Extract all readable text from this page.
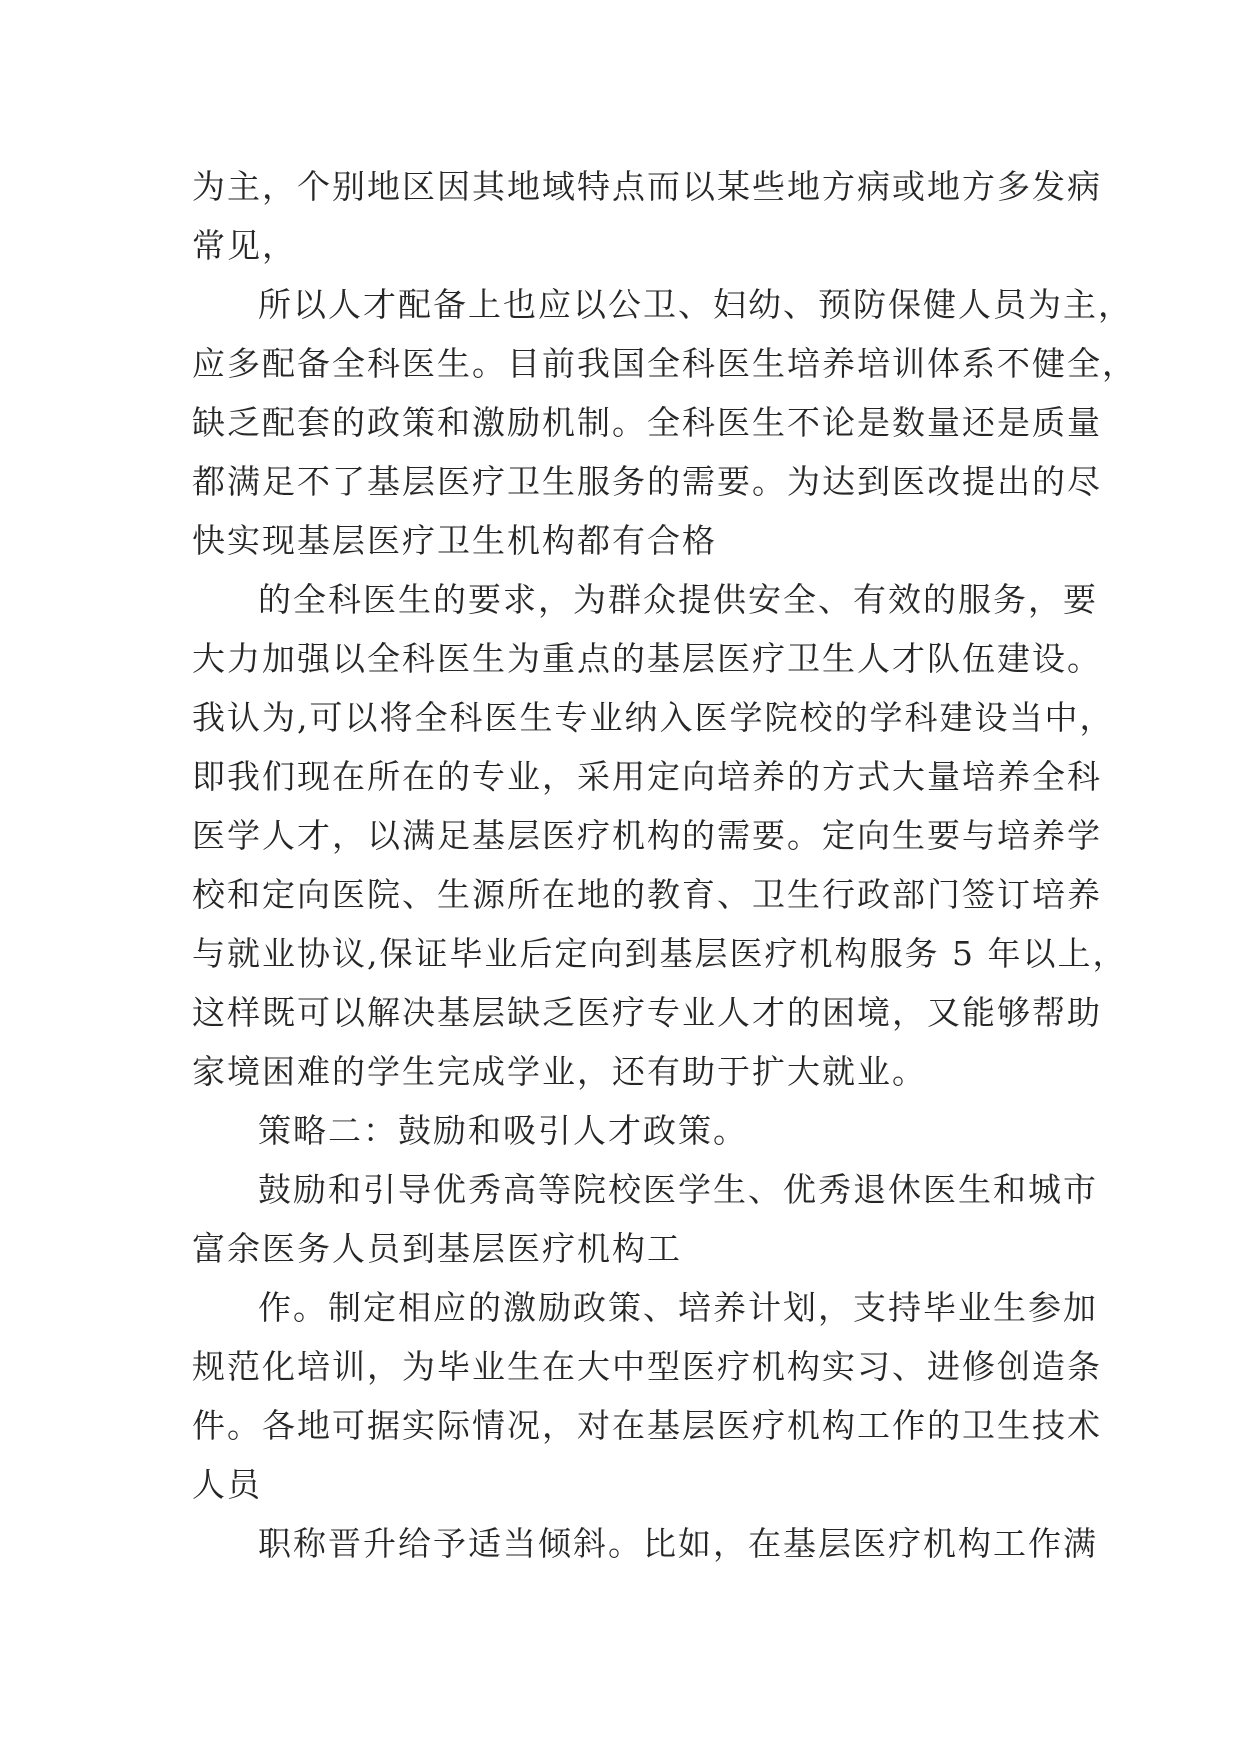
为主，个别地区因其地域特点而以某些地方病或地方多发病
常见，
所以人才配备上也应以公卫、妇幼、预防保健人员为主，
应多配备全科医生。目前我国全科医生培养培训体系不健全，
缺乏配套的政策和激励机制。全科医生不论是数量还是质量
都满足不了基层医疗卫生服务的需要。为达到医改提出的尽
快实现基层医疗卫生机构都有合格
的全科医生的要求，为群众提供安全、有效的服务，要
大力加强以全科医生为重点的基层医疗卫生人才队伍建设。
我认为,可以将全科医生专业纳入医学院校的学科建设当中，
即我们现在所在的专业，采用定向培养的方式大量培养全科
医学人才，以满足基层医疗机构的需要。定向生要与培养学
校和定向医院、生源所在地的教育、卫生行政部门签订培养
与就业协议,保证毕业后定向到基层医疗机构服务 5 年以上，
这样既可以解决基层缺乏医疗专业人才的困境，又能够帮助
家境困难的学生完成学业，还有助于扩大就业。
策略二：鼓励和吸引人才政策。
鼓励和引导优秀高等院校医学生、优秀退休医生和城市
富余医务人员到基层医疗机构工
作。制定相应的激励政策、培养计划，支持毕业生参加
规范化培训，为毕业生在大中型医疗机构实习、进修创造条
件。各地可据实际情况，对在基层医疗机构工作的卫生技术
人员
职称晋升给予适当倾斜。比如，在基层医疗机构工作满
